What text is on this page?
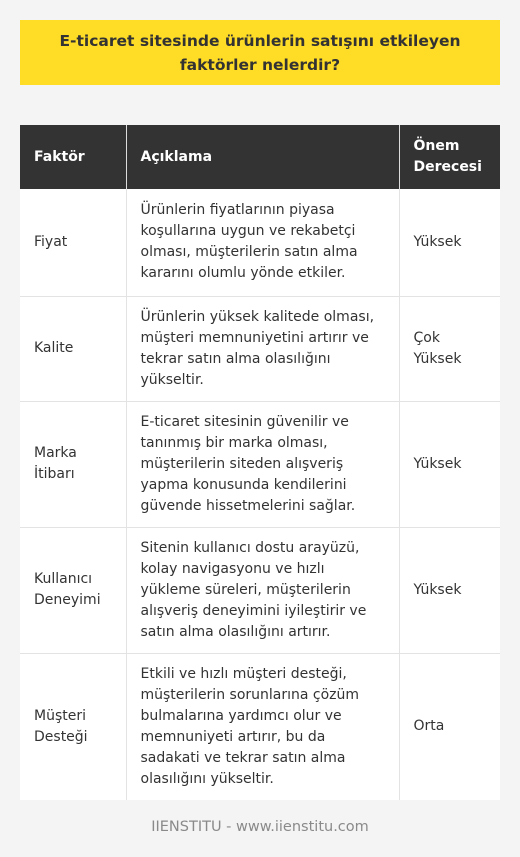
E-ticaret sitesinde ürünlerin satışını etkileyen faktörler nelerdir?
Faktör	Açıklama	Önem Derecesi
Fiyat	Ürünlerin fiyatlarının piyasa koşullarına uygun ve rekabetçi olması, müşterilerin satın alma kararını olumlu yönde etkiler.	Yüksek
Kalite	Ürünlerin yüksek kalitede olması, müşteri memnuniyetini artırır ve tekrar satın alma olasılığını yükseltir.	Çok Yüksek
Marka İtibarı	E-ticaret sitesinin güvenilir ve tanınmış bir marka olması, müşterilerin siteden alışveriş yapma konusunda kendilerini güvende hissetmelerini sağlar.	Yüksek
Kullanıcı Deneyimi	Sitenin kullanıcı dostu arayüzü, kolay navigasyonu ve hızlı yükleme süreleri, müşterilerin alışveriş deneyimini iyileştirir ve satın alma olasılığını artırır.	Yüksek
Müşteri Desteği	Etkili ve hızlı müşteri desteği, müşterilerin sorunlarına çözüm bulmalarına yardımcı olur ve memnuniyeti artırır, bu da sadakati ve tekrar satın alma olasılığını yükseltir.	Orta
IIENSTITU - www.iienstitu.com
